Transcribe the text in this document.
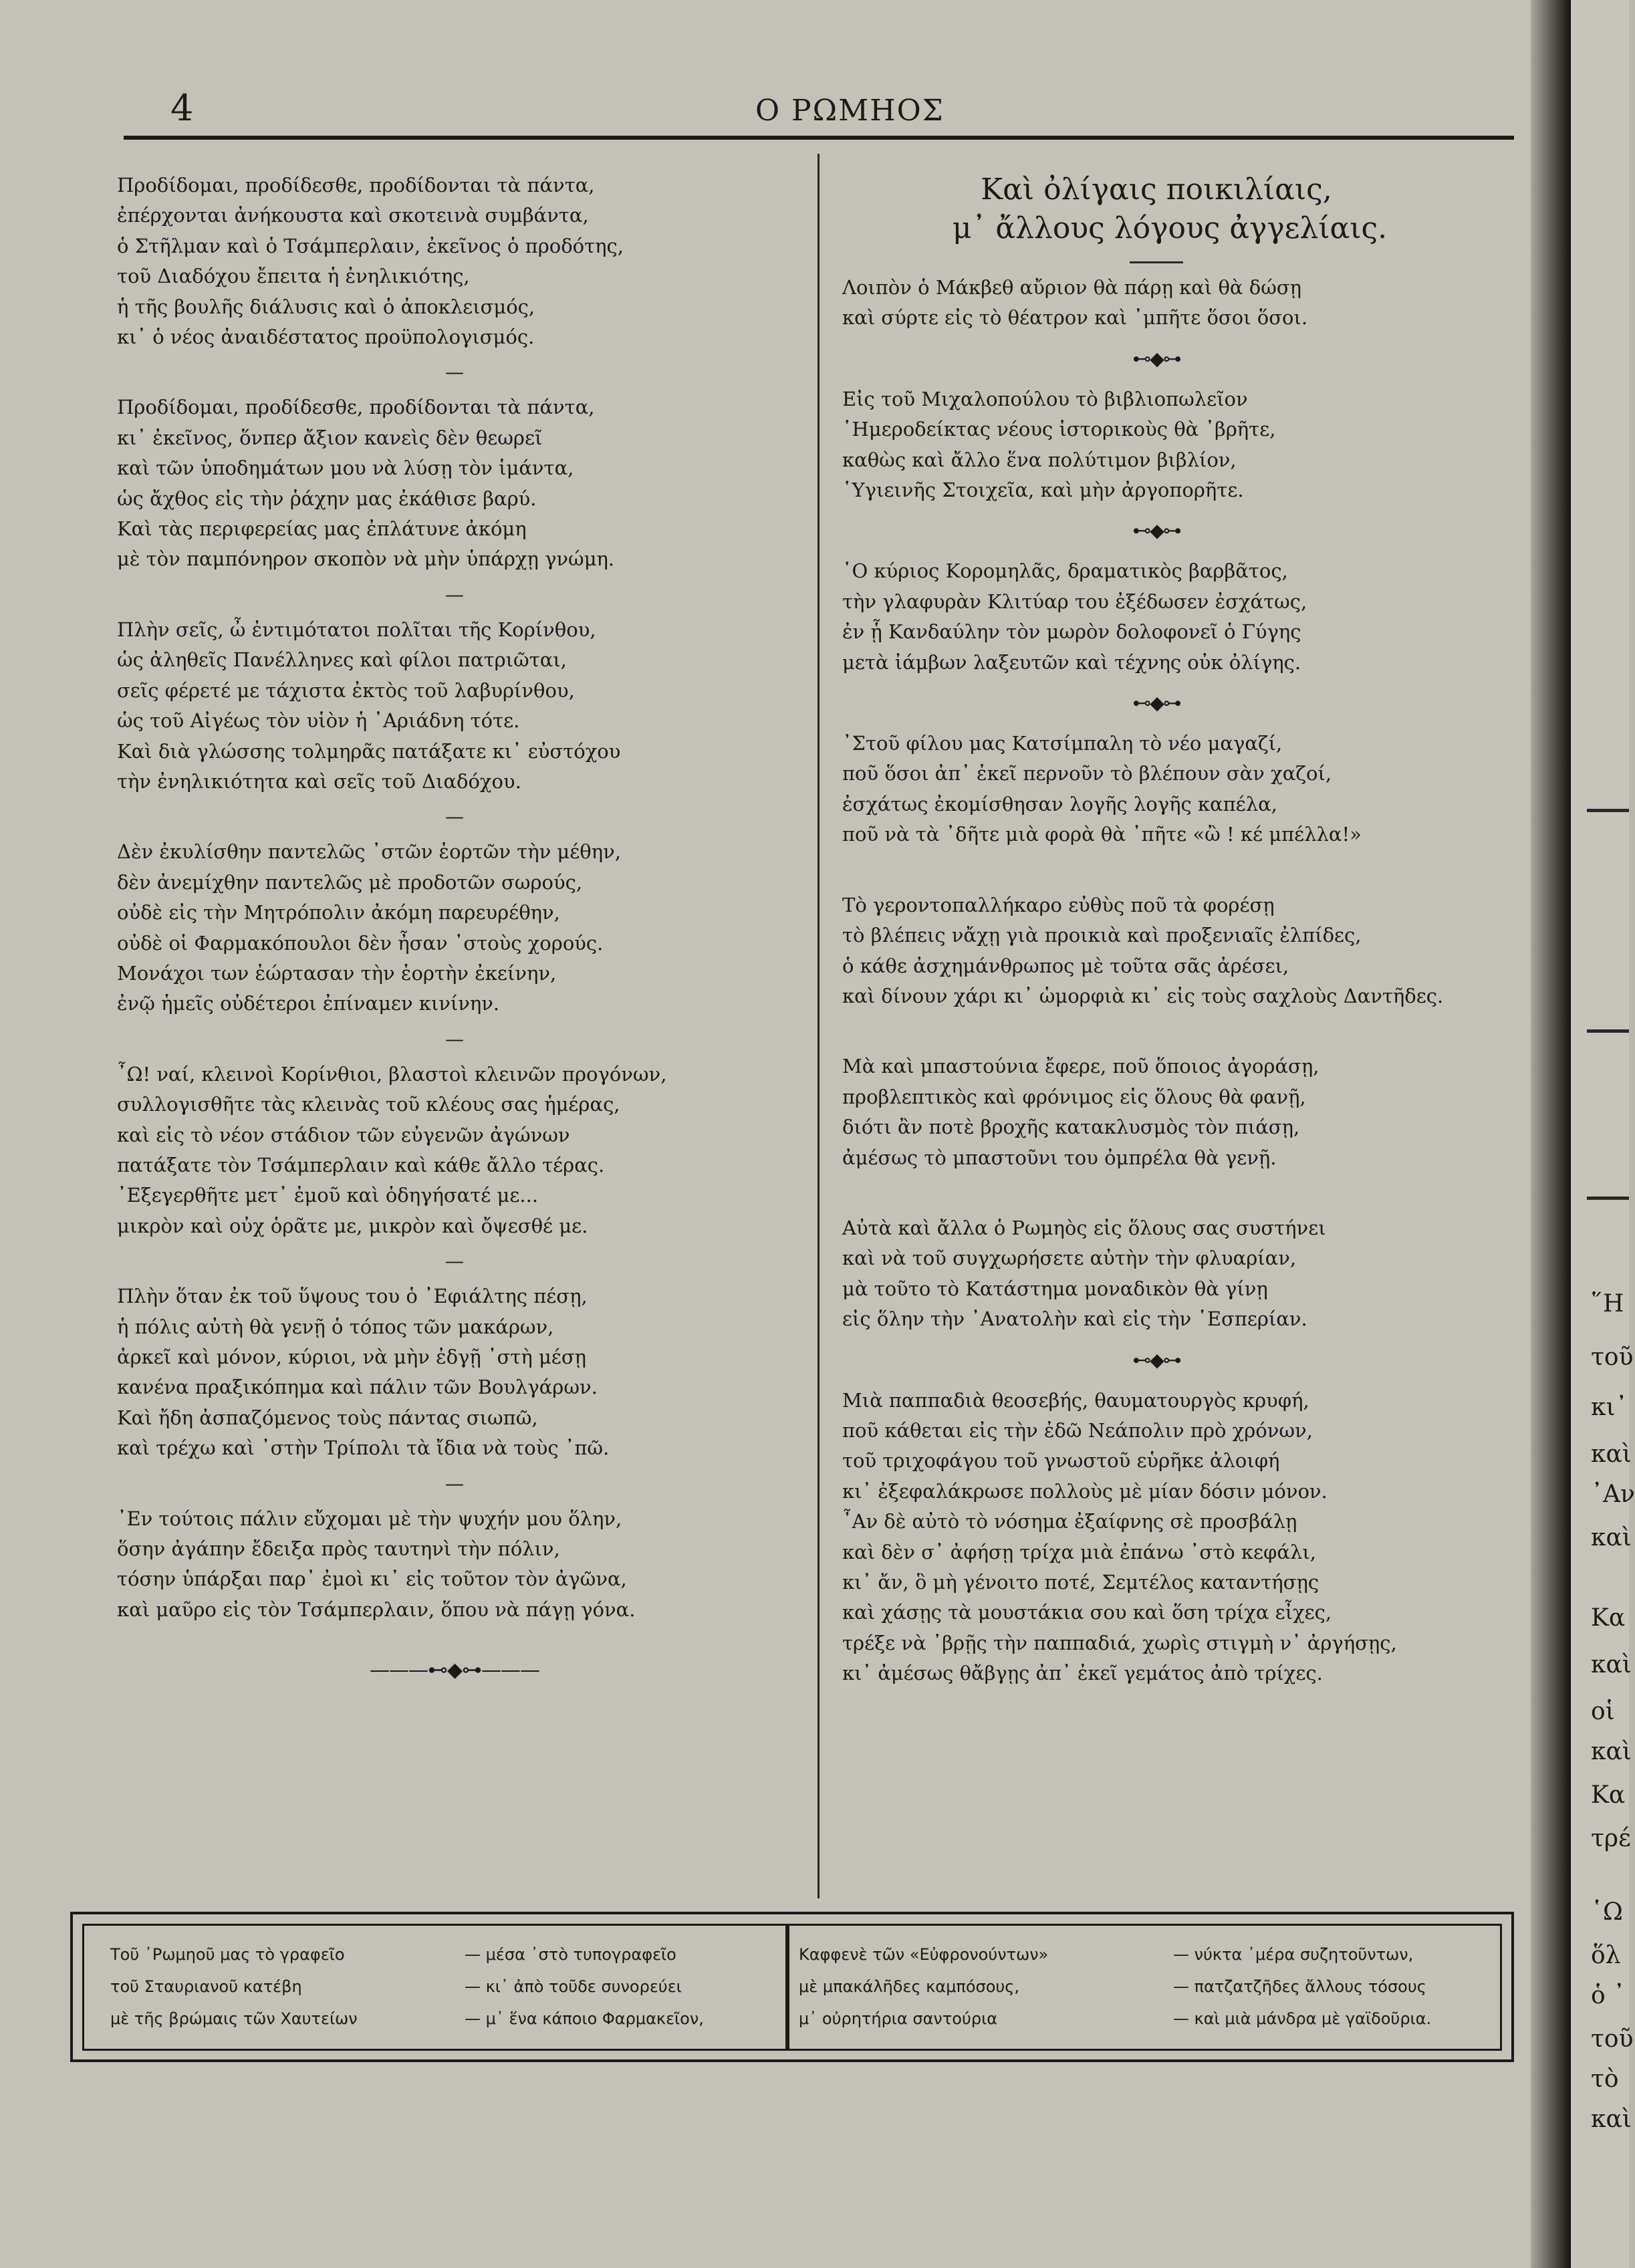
4	Ο ΡΩΜΗΟΣ
Προδίδομαι, προδίδεσθε, προδίδονται τὰ πάντα,
ἐπέρχονται ἀνήκουστα καὶ σκοτεινὰ συμβάντα,
ὁ Στῆλμαν καὶ ὁ Τσάμπερλαιν, ἐκεῖνος ὁ προδότης,
τοῦ Διαδόχου ἔπειτα ἡ ἐνηλικιότης,
ἡ τῆς βουλῆς διάλυσις καὶ ὁ ἀποκλεισμός,
κι᾽ ὁ νέος ἀναιδέστατος προϋπολογισμός.
—
Προδίδομαι, προδίδεσθε, προδίδονται τὰ πάντα,
κι᾽ ἐκεῖνος, ὅνπερ ἄξιον κανεὶς δὲν θεωρεῖ
καὶ τῶν ὑποδημάτων μου νὰ λύσῃ τὸν ἱμάντα,
ὡς ἄχθος εἰς τὴν ῥάχην μας ἐκάθισε βαρύ.
Καὶ τὰς περιφερείας μας ἐπλάτυνε ἀκόμη
μὲ τὸν παμπόνηρον σκοπὸν νὰ μὴν ὑπάρχῃ γνώμη.
—
Πλὴν σεῖς, ὦ ἐντιμότατοι πολῖται τῆς Κορίνθου,
ὡς ἀληθεῖς Πανέλληνες καὶ φίλοι πατριῶται,
σεῖς φέρετέ με τάχιστα ἐκτὸς τοῦ λαβυρίνθου,
ὡς τοῦ Αἰγέως τὸν υἱὸν ἡ ᾿Αριάδνη τότε.
Καὶ διὰ γλώσσης τολμηρᾶς πατάξατε κι᾽ εὐστόχου
τὴν ἐνηλικιότητα καὶ σεῖς τοῦ Διαδόχου.
—
Δὲν ἐκυλίσθην παντελῶς ᾽στῶν ἑορτῶν τὴν μέθην,
δὲν ἀνεμίχθην παντελῶς μὲ προδοτῶν σωρούς,
οὐδὲ εἰς τὴν Μητρόπολιν ἀκόμη παρευρέθην,
οὐδὲ οἱ Φαρμακόπουλοι δὲν ἦσαν ᾽στοὺς χορούς.
Μονάχοι των ἑώρτασαν τὴν ἑορτὴν ἐκείνην,
ἐνῷ ἡμεῖς οὐδέτεροι ἐπίναμεν κινίνην.
—
῏Ω! ναί, κλεινοὶ Κορίνθιοι, βλαστοὶ κλεινῶν προγόνων,
συλλογισθῆτε τὰς κλεινὰς τοῦ κλέους σας ἡμέρας,
καὶ εἰς τὸ νέον στάδιον τῶν εὐγενῶν ἀγώνων
πατάξατε τὸν Τσάμπερλαιν καὶ κάθε ἄλλο τέρας.
᾽Εξεγερθῆτε μετ᾽ ἐμοῦ καὶ ὁδηγήσατέ με...
μικρὸν καὶ οὐχ ὁρᾶτε με, μικρὸν καὶ ὄψεσθέ με.
—
Πλὴν ὅταν ἐκ τοῦ ὕψους του ὁ ᾽Εφιάλτης πέσῃ,
ἡ πόλις αὐτὴ θὰ γενῇ ὁ τόπος τῶν μακάρων,
ἀρκεῖ καὶ μόνον, κύριοι, νὰ μὴν ἐδγῇ ᾽στὴ μέσῃ
κανένα πραξικόπημα καὶ πάλιν τῶν Βουλγάρων.
Καὶ ἤδη ἀσπαζόμενος τοὺς πάντας σιωπῶ,
καὶ τρέχω καὶ ᾽στὴν Τρίπολι τὰ ἴδια νὰ τοὺς ᾽πῶ.
—
᾽Εν τούτοις πάλιν εὔχομαι μὲ τὴν ψυχήν μου ὅλην,
ὅσην ἀγάπην ἔδειξα πρὸς ταυτηνὶ τὴν πόλιν,
τόσην ὑπάρξαι παρ᾽ ἐμοὶ κι᾽ εἰς τοῦτον τὸν ἀγῶνα,
καὶ μαῦρο εἰς τὸν Τσάμπερλαιν, ὅπου νὰ πάγῃ γόνα.
———⊷◆⊶———
Καὶ ὀλίγαις ποικιλίαις,
μ᾽ ἄλλους λόγους ἀγγελίαις.
Λοιπὸν ὁ Μάκβεθ αὔριον θὰ πάρῃ καὶ θὰ δώσῃ
καὶ σύρτε εἰς τὸ θέατρον καὶ ᾽μπῆτε ὅσοι ὅσοι.
⊷◆⊶
Εἰς τοῦ Μιχαλοπούλου τὸ βιβλιοπωλεῖον
῾Ημεροδείκτας νέους ἱστορικοὺς θὰ ᾽βρῆτε,
καθὼς καὶ ἄλλο ἕνα πολύτιμον βιβλίον,
῾Υγιεινῆς Στοιχεῖα, καὶ μὴν ἀργοπορῆτε.
⊷◆⊶
῾Ο κύριος Κορομηλᾶς, δραματικὸς βαρβᾶτος,
τὴν γλαφυρὰν Κλιτύαρ του ἐξέδωσεν ἐσχάτως,
ἐν ᾗ Κανδαύλην τὸν μωρὸν δολοφονεῖ ὁ Γύγης
μετὰ ἰάμβων λαξευτῶν καὶ τέχνης οὐκ ὀλίγης.
⊷◆⊶
᾽Στοῦ φίλου μας Κατσίμπαλη τὸ νέο μαγαζί,
ποῦ ὅσοι ἀπ᾽ ἐκεῖ περνοῦν τὸ βλέπουν σὰν χαζοί,
ἐσχάτως ἐκομίσθησαν λογῆς λογῆς καπέλα,
ποῦ νὰ τὰ ᾽δῆτε μιὰ φορὰ θὰ ᾽πῆτε «ὢ ! κέ μπέλλα!»
Τὸ γεροντοπαλλήκαρο εὐθὺς ποῦ τὰ φορέσῃ
τὸ βλέπεις νἄχῃ γιὰ προικιὰ καὶ προξενιαῖς ἐλπίδες,
ὁ κάθε ἀσχημάνθρωπος μὲ τοῦτα σᾶς ἀρέσει,
καὶ δίνουν χάρι κι᾽ ὡμορφιὰ κι᾽ εἰς τοὺς σαχλοὺς Δαντῆδες.
Μὰ καὶ μπαστούνια ἔφερε, ποῦ ὅποιος ἀγοράσῃ,
προβλεπτικὸς καὶ φρόνιμος εἰς ὅλους θὰ φανῇ,
διότι ἂν ποτὲ βροχῆς κατακλυσμὸς τὸν πιάσῃ,
ἀμέσως τὸ μπαστοῦνι του ὀμπρέλα θὰ γενῇ.
Αὐτὰ καὶ ἄλλα ὁ Ρωμηὸς εἰς ὅλους σας συστήνει
καὶ νὰ τοῦ συγχωρήσετε αὐτὴν τὴν φλυαρίαν,
μὰ τοῦτο τὸ Κατάστημα μοναδικὸν θὰ γίνῃ
εἰς ὅλην τὴν ᾽Ανατολὴν καὶ εἰς τὴν ῾Εσπερίαν.
⊷◆⊶
Μιὰ παππαδιὰ θεοσεβής, θαυματουργὸς κρυφή,
ποῦ κάθεται εἰς τὴν ἐδῶ Νεάπολιν πρὸ χρόνων,
τοῦ τριχοφάγου τοῦ γνωστοῦ εὑρῆκε ἀλοιφή
κι᾽ ἐξεφαλάκρωσε πολλοὺς μὲ μίαν δόσιν μόνον.
῏Αν δὲ αὐτὸ τὸ νόσημα ἐξαίφνης σὲ προσβάλῃ
καὶ δὲν σ᾽ ἀφήσῃ τρίχα μιὰ ἐπάνω ᾽στὸ κεφάλι,
κι᾽ ἄν, ὃ μὴ γένοιτο ποτέ, Σεμτέλος καταντήσῃς
καὶ χάσῃς τὰ μουστάκια σου καὶ ὅση τρίχα εἶχες,
τρέξε νὰ ᾽βρῇς τὴν παππαδιά, χωρὶς στιγμὴ ν᾽ ἀργήσῃς,
κι᾽ ἀμέσως θἄβγῃς ἀπ᾽ ἐκεῖ γεμάτος ἀπὸ τρίχες.
Τοῦ ᾽Ρωμηοῦ μας τὸ γραφεῖο	— μέσα ᾽στὸ τυπογραφεῖο
τοῦ Σταυριανοῦ κατέβη	— κι᾽ ἀπὸ τοῦδε συνορεύει
μὲ τῆς βρώμαις τῶν Χαυτείων	— μ᾽ ἕνα κάποιο Φαρμακεῖον,
Καφφενὲ τῶν «Εὐφρονούντων»	— νύκτα ᾽μέρα συζητοῦντων,
μὲ μπακάλῆδες καμπόσους,	— πατζατζῆδες ἄλλους τόσους
μ᾽ οὐρητήρια σαντούρια	— καὶ μιὰ μάνδρα μὲ γαϊδοῦρια.
῞Η
τοῦ
κι᾽
καὶ
᾽Αν
καὶ
Κα
καὶ
οἱ
καὶ
Κα
τρέ
῾Ω
ὅλ
ὁ ᾽
τοῦ
τὸ
καὶ
